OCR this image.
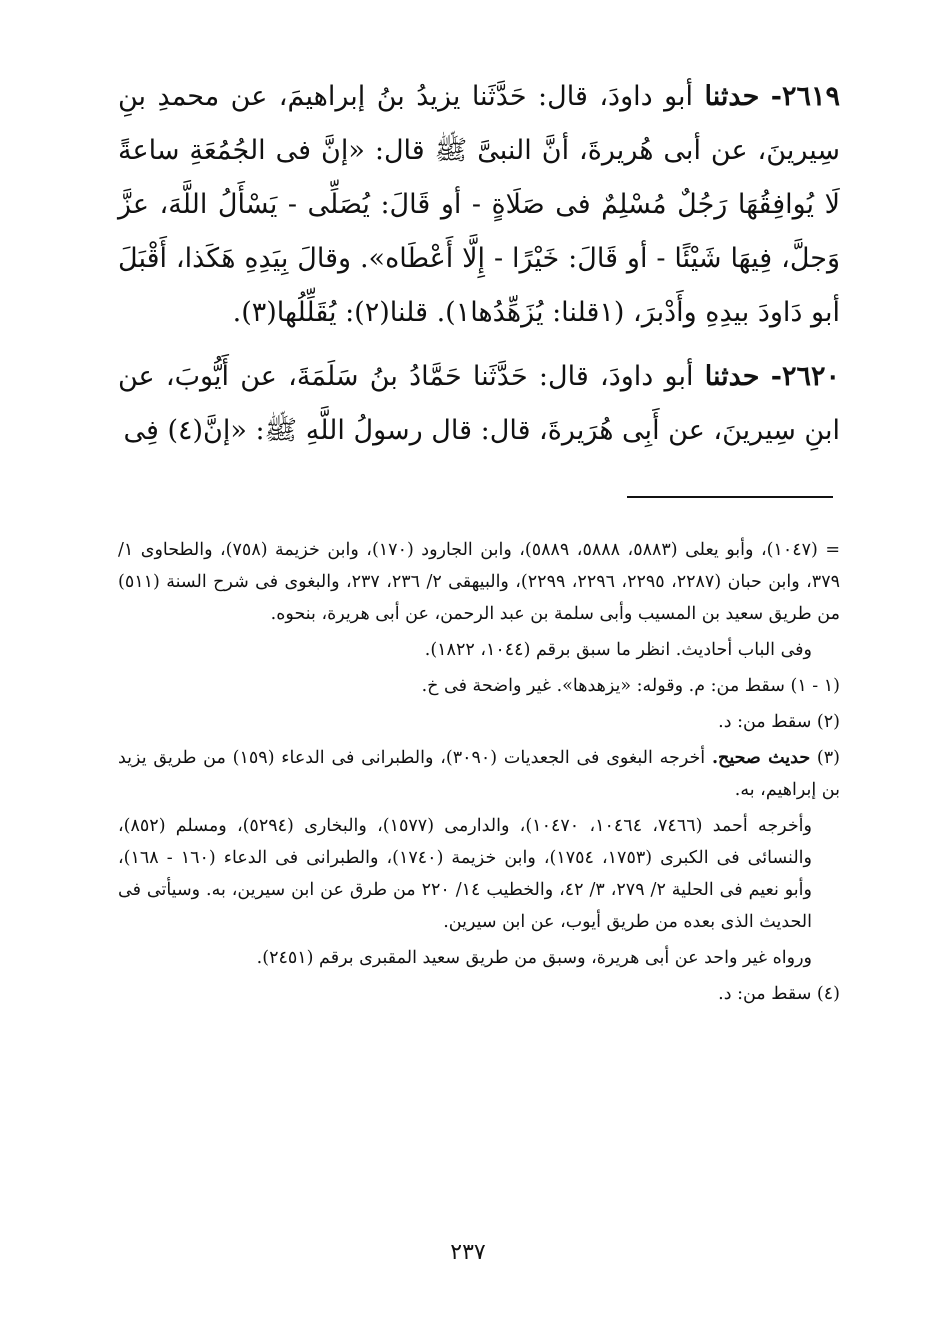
٢٦١٩- حدثنا أبو داودَ، قال: حَدَّثَنا يزيدُ بنُ إبراهيمَ، عن محمدِ بنِ سِيرينَ، عن أبى هُريرةَ، أنَّ النبىَّ ﷺ قال: «إنَّ فى الجُمُعَةِ ساعةً لَا يُوافِقُهَا رَجُلٌ مُسْلِمٌ فى صَلَاةٍ - أو قَالَ: يُصَلِّى - يَسْأَلُ اللَّهَ، عزَّ وَجلَّ، فِيهَا شَيْئًا - أو قَالَ: خَيْرًا - إِلَّا أَعْطَاه». وقالَ بِيَدِهِ هَكَذا، أَقْبَلَ أبو دَاودَ بيدِهِ وأَدْبرَ، (١قلنا: يُزَهِّدُها١). قلنا(٢): يُقَلِّلُها(٣).

٢٦٢٠- حدثنا أبو داودَ، قال: حَدَّثَنا حَمَّادُ بنُ سَلَمَةَ، عن أَيُّوبَ، عن ابنِ سِيرينَ، عن أَبِى هُرَيرةَ، قال: قال رسولُ اللَّهِ ﷺ: «إنَّ(٤) فِى

= (١٠٤٧)، وأبو يعلى (٥٨٨٣، ٥٨٨٨، ٥٨٨٩)، وابن الجارود (١٧٠)، وابن خزيمة (٧٥٨)، والطحاوى ١/ ٣٧٩، وابن حبان (٢٢٨٧، ٢٢٩٥، ٢٢٩٦، ٢٢٩٩)، والبيهقى ٢/ ٢٣٦، ٢٣٧، والبغوى فى شرح السنة (٥١١) من طريق سعيد بن المسيب وأبى سلمة بن عبد الرحمن، عن أبى هريرة، بنحوه.

وفى الباب أحاديث. انظر ما سبق برقم (١٠٤٤، ١٨٢٢).

(١ - ١) سقط من: م. وقوله: «يزهدها». غير واضحة فى خ.

(٢) سقط من: د.

(٣) حديث صحيح. أخرجه البغوى فى الجعديات (٣٠٩٠)، والطبرانى فى الدعاء (١٥٩) من طريق يزيد بن إبراهيم، به.

وأخرجه أحمد (٧٤٦٦، ١٠٤٦٤، ١٠٤٧٠)، والدارمى (١٥٧٧)، والبخارى (٥٢٩٤)، ومسلم (٨٥٢)، والنسائى فى الكبرى (١٧٥٣، ١٧٥٤)، وابن خزيمة (١٧٤٠)، والطبرانى فى الدعاء (١٦٠ - ١٦٨)، وأبو نعيم فى الحلية ٢/ ٢٧٩، ٣/ ٤٢، والخطيب ١٤/ ٢٢٠ من طرق عن ابن سيرين، به. وسيأتى فى الحديث الذى بعده من طريق أيوب، عن ابن سيرين.

ورواه غير واحد عن أبى هريرة، وسبق من طريق سعيد المقبرى برقم (٢٤٥١).

(٤) سقط من: د.

٢٣٧
